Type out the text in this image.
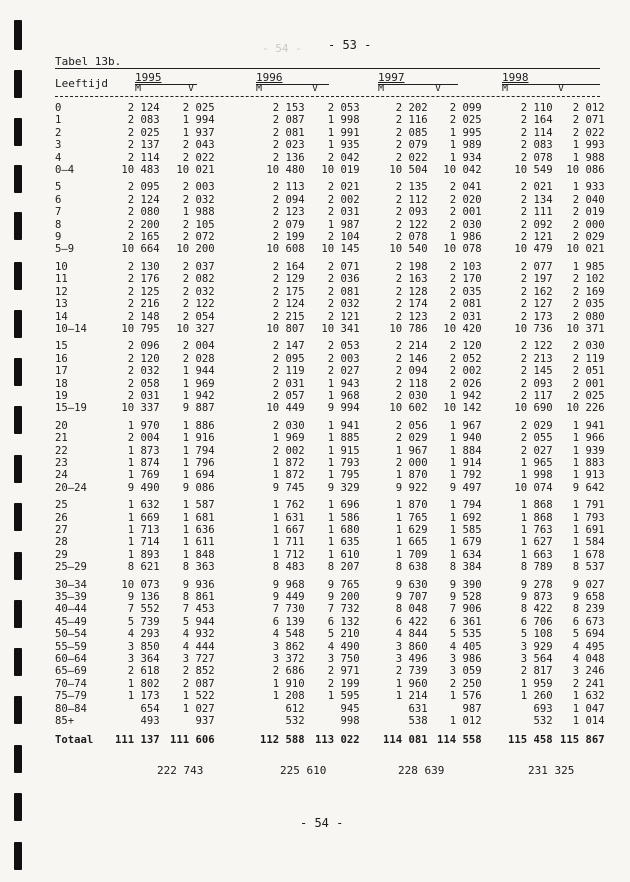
- 54 - - 53 -
Tabel 13b.
Leeftijd 1995	1996	1997	1998
M	V	M	V	M	V	M	V
0	2 124	2 025	2 153	2 053	2 202	2 099	2 110	2 012
1	2 083	1 994	2 087	1 998	2 116	2 025	2 164	2 071
2	2 025	1 937	2 081	1 991	2 085	1 995	2 114	2 022
3	2 137	2 043	2 023	1 935	2 079	1 989	2 083	1 993
4	2 114	2 022	2 136	2 042	2 022	1 934	2 078	1 988
0–4	10 483	10 021	10 480	10 019	10 504	10 042	10 549	10 086

5	2 095	2 003	2 113	2 021	2 135	2 041	2 021	1 933
6	2 124	2 032	2 094	2 002	2 112	2 020	2 134	2 040
7	2 080	1 988	2 123	2 031	2 093	2 001	2 111	2 019
8	2 200	2 105	2 079	1 987	2 122	2 030	2 092	2 000
9	2 165	2 072	2 199	2 104	2 078	1 986	2 121	2 029
5–9	10 664	10 200	10 608	10 145	10 540	10 078	10 479	10 021

10	2 130	2 037	2 164	2 071	2 198	2 103	2 077	1 985
11	2 176	2 082	2 129	2 036	2 163	2 170	2 197	2 102
12	2 125	2 032	2 175	2 081	2 128	2 035	2 162	2 169
13	2 216	2 122	2 124	2 032	2 174	2 081	2 127	2 035
14	2 148	2 054	2 215	2 121	2 123	2 031	2 173	2 080
10–14	10 795	10 327	10 807	10 341	10 786	10 420	10 736	10 371

15	2 096	2 004	2 147	2 053	2 214	2 120	2 122	2 030
16	2 120	2 028	2 095	2 003	2 146	2 052	2 213	2 119
17	2 032	1 944	2 119	2 027	2 094	2 002	2 145	2 051
18	2 058	1 969	2 031	1 943	2 118	2 026	2 093	2 001
19	2 031	1 942	2 057	1 968	2 030	1 942	2 117	2 025
15–19	10 337	9 887	10 449	9 994	10 602	10 142	10 690	10 226

20	1 970	1 886	2 030	1 941	2 056	1 967	2 029	1 941
21	2 004	1 916	1 969	1 885	2 029	1 940	2 055	1 966
22	1 873	1 794	2 002	1 915	1 967	1 884	2 027	1 939
23	1 874	1 796	1 872	1 793	2 000	1 914	1 965	1 883
24	1 769	1 694	1 872	1 795	1 870	1 792	1 998	1 913
20–24	9 490	9 086	9 745	9 329	9 922	9 497	10 074	9 642

25	1 632	1 587	1 762	1 696	1 870	1 794	1 868	1 791
26	1 669	1 681	1 631	1 586	1 765	1 692	1 868	1 793
27	1 713	1 636	1 667	1 680	1 629	1 585	1 763	1 691
28	1 714	1 611	1 711	1 635	1 665	1 679	1 627	1 584
29	1 893	1 848	1 712	1 610	1 709	1 634	1 663	1 678
25–29	8 621	8 363	8 483	8 207	8 638	8 384	8 789	8 537

30–34	10 073	9 936	9 968	9 765	9 630	9 390	9 278	9 027
35–39	9 136	8 861	9 449	9 200	9 707	9 528	9 873	9 658
40–44	7 552	7 453	7 730	7 732	8 048	7 906	8 422	8 239
45–49	5 739	5 944	6 139	6 132	6 422	6 361	6 706	6 673
50–54	4 293	4 932	4 548	5 210	4 844	5 535	5 108	5 694
55–59	3 850	4 444	3 862	4 490	3 860	4 405	3 929	4 495
60–64	3 364	3 727	3 372	3 750	3 496	3 986	3 564	4 048
65–69	2 618	2 852	2 686	2 971	2 739	3 059	2 817	3 246
70–74	1 802	2 087	1 910	2 199	1 960	2 250	1 959	2 241
75–79	1 173	1 522	1 208	1 595	1 214	1 576	1 260	1 632
80–84	654	1 027	612	945	631	987	693	1 047
85+	493	937	532	998	538	1 012	532	1 014

Totaal	111 137	111 606	112 588	113 022	114 081	114 558	115 458	115 867
222 743	225 610	228 639	231 325
- 54 -
